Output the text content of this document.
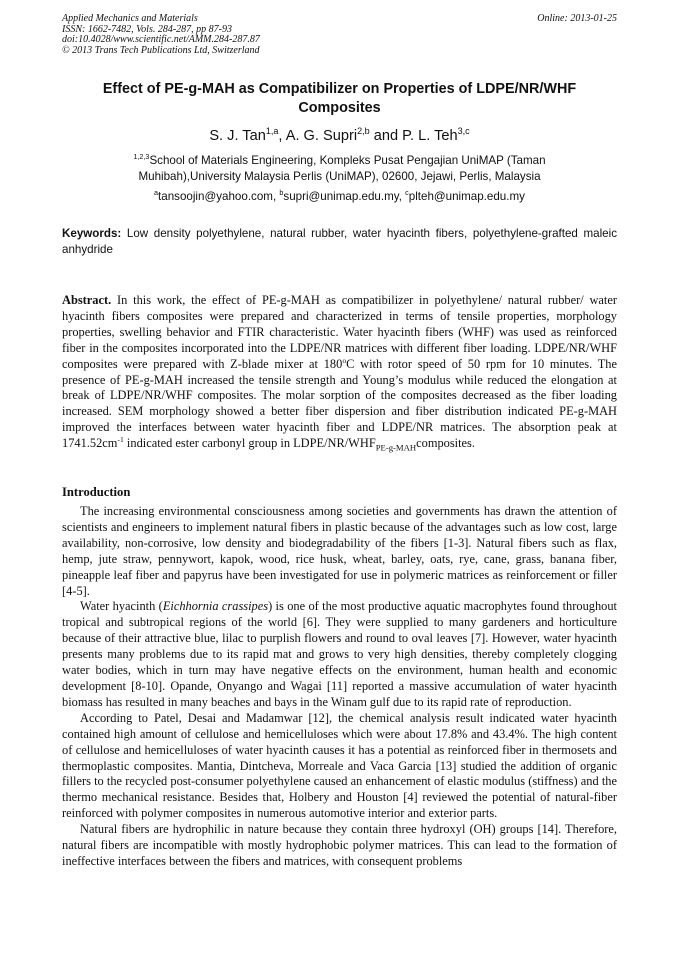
Applied Mechanics and Materials
ISSN: 1662-7482, Vols. 284-287, pp 87-93
doi:10.4028/www.scientific.net/AMM.284-287.87
© 2013 Trans Tech Publications Ltd, Switzerland
Online: 2013-01-25
Effect of PE-g-MAH as Compatibilizer on Properties of LDPE/NR/WHF
Composites
S. J. Tan$^{1,a}$, A. G. Supri$^{2,b}$ and P. L. Teh$^{3,c}$
$^{1,2,3}$School of Materials Engineering, Kompleks Pusat Pengajian UniMAP (Taman
Muhibah),University Malaysia Perlis (UniMAP), 02600, Jejawi, Perlis, Malaysia
$^a$tansoojin@yahoo.com, $^b$supri@unimap.edu.my, $^c$plteh@unimap.edu.my
Keywords: Low density polyethylene, natural rubber, water hyacinth fibers, polyethylene-grafted maleic anhydride
Abstract. In this work, the effect of PE-g-MAH as compatibilizer in polyethylene/ natural rubber/ water hyacinth fibers composites were prepared and characterized in terms of tensile properties, morphology properties, swelling behavior and FTIR characteristic. Water hyacinth fibers (WHF) was used as reinforced fiber in the composites incorporated into the LDPE/NR matrices with different fiber loading. LDPE/NR/WHF composites were prepared with Z-blade mixer at 180$^o$C with rotor speed of 50 rpm for 10 minutes. The presence of PE-g-MAH increased the tensile strength and Young’s modulus while reduced the elongation at break of LDPE/NR/WHF composites. The molar sorption of the composites decreased as the fiber loading increased. SEM morphology showed a better fiber dispersion and fiber distribution indicated PE-g-MAH improved the interfaces between water hyacinth fiber and LDPE/NR matrices. The absorption peak at $1741.52cm^{-1}$ indicated ester carbonyl group in LDPE/$NR/WHF_{PE-g-MAH}composites$.
Introduction

The increasing environmental consciousness among societies and governments has drawn the attention of scientists and engineers to implement natural fibers in plastic because of the advantages such as low cost, large availability, non-corrosive, low density and biodegradability of the fibers [1-3]. Natural fibers such as flax, hemp, jute straw, pennywort, kapok, wood, rice husk, wheat, barley, oats, rye, cane, grass, banana fiber, pineapple leaf fiber and papyrus have been investigated for use in polymeric matrices as reinforcement or filler [4-5].

Water hyacinth (Eichhornia crassipes) is one of the most productive aquatic macrophytes found throughout tropical and subtropical regions of the world [6]. They were supplied to many gardeners and horticulture because of their attractive blue, lilac to purplish flowers and round to oval leaves [7]. However, water hyacinth presents many problems due to its rapid mat and grows to very high densities, thereby completely clogging water bodies, which in turn may have negative effects on the environment, human health and economic development [8-10]. Opande, Onyango and Wagai [11] reported a massive accumulation of water hyacinth biomass has resulted in many beaches and bays in the Winam gulf due to its rapid rate of reproduction.

According to Patel, Desai and Madamwar [12], the chemical analysis result indicated water hyacinth contained high amount of cellulose and hemicelluloses which were about 17.8% and 43.4%. The high content of cellulose and hemicelluloses of water hyacinth causes it has a potential as reinforced fiber in thermosets and thermoplastic composites. Mantia, Dintcheva, Morreale and Vaca Garcia [13] studied the addition of organic fillers to the recycled post-consumer polyethylene caused an enhancement of elastic modulus (stiffness) and the thermo mechanical resistance. Besides that, Holbery and Houston [4] reviewed the potential of natural-fiber reinforced with polymer composites in numerous automotive interior and exterior parts.

Natural fibers are hydrophilic in nature because they contain three hydroxyl (OH) groups [14]. Therefore, natural fibers are incompatible with mostly hydrophobic polymer matrices. This can lead to the formation of ineffective interfaces between the fibers and matrices, with consequent problems
